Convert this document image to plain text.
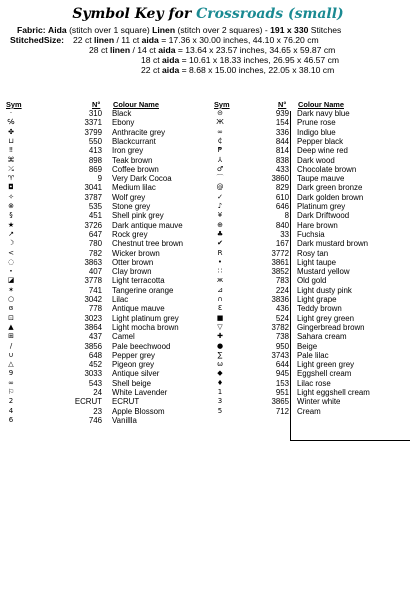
Symbol Key for Crossroads (small)
Fabric: Aida (stitch over 1 square) Linen (stitch over 2 squares) - 191 x 330 Stitches
StitchedSize: 22 ct linen / 11 ct aida = 17.36 x 30.00 inches, 44.10 x 76.20 cm
28 ct linen / 14 ct aida = 13.64 x 23.57 inches, 34.65 x 59.87 cm
18 ct aida = 10.61 x 18.33 inches, 26.95 x 46.57 cm
22 ct aida = 8.68 x 15.00 inches, 22.05 x 38.10 cm
Sym	N° Colour Name	Sym	N° Colour Name
·	310 Black
℅	3371 Ebony
✤	3799 Anthracite grey
⊔	550 Blackcurrant
‼	413 Iron grey
⌘	898 Teak brown
⤯	869 Coffee brown
♈	9 Very Dark Cocoa
◘	3041 Medium lilac
✧	3787 Wolf grey
⊗	535 Stone grey
§	451 Shell pink grey
★	3726 Dark antique mauve
↗	647 Rock grey
☽	780 Chestnut tree brown
<	782 Wicker brown
◌	3863 Otter brown
⬝	407 Clay brown
◪	3778 Light terracotta
✶	741 Tangerine orange
○	3042 Lilac
ɞ	778 Antique mauve
⊡	3023 Light platinum grey
▲	3864 Light mocha brown
⊞	437 Camel
/	3856 Pale beechwood
∪	648 Pepper grey
△	452 Pigeon grey
9	3033 Antique silver
∞	543 Shell beige
⚐	24 White Lavender
2	ECRUT ECRUT
4	23 Apple Blossom
6	746 Vanillla
⊝	939 Dark navy blue
Ж	154 Prune rose
∞	336 Indigo blue
₵	844 Pepper black
₱	814 Deep wine red
⅄	838 Dark wood
♂	433 Chocolate brown
⌒	3860 Taupe mauve
@	829 Dark green bronze
✓	610 Dark golden brown
♪	646 Platinum grey
¥	8 Dark Driftwood
⊕	840 Hare brown
♣	33 Fuchsia
✔	167 Dark mustard brown
R	3772 Rosy tan
•	3861 Light taupe
∷	3852 Mustard yellow
ж	783 Old gold
⊿	224 Light dusty pink
∩	3836 Light grape
Ɛ	436 Teddy brown
■	524 Light grey green
▽	3782 Gingerbread brown
✚	738 Sahara cream
●	950 Beige
∑	3743 Pale lilac
ω	644 Light green grey
◆	945 Eggshell cream
♦	153 Lilac rose
1	951 Light eggshell cream
3	3865 Winter white
5	712 Cream
